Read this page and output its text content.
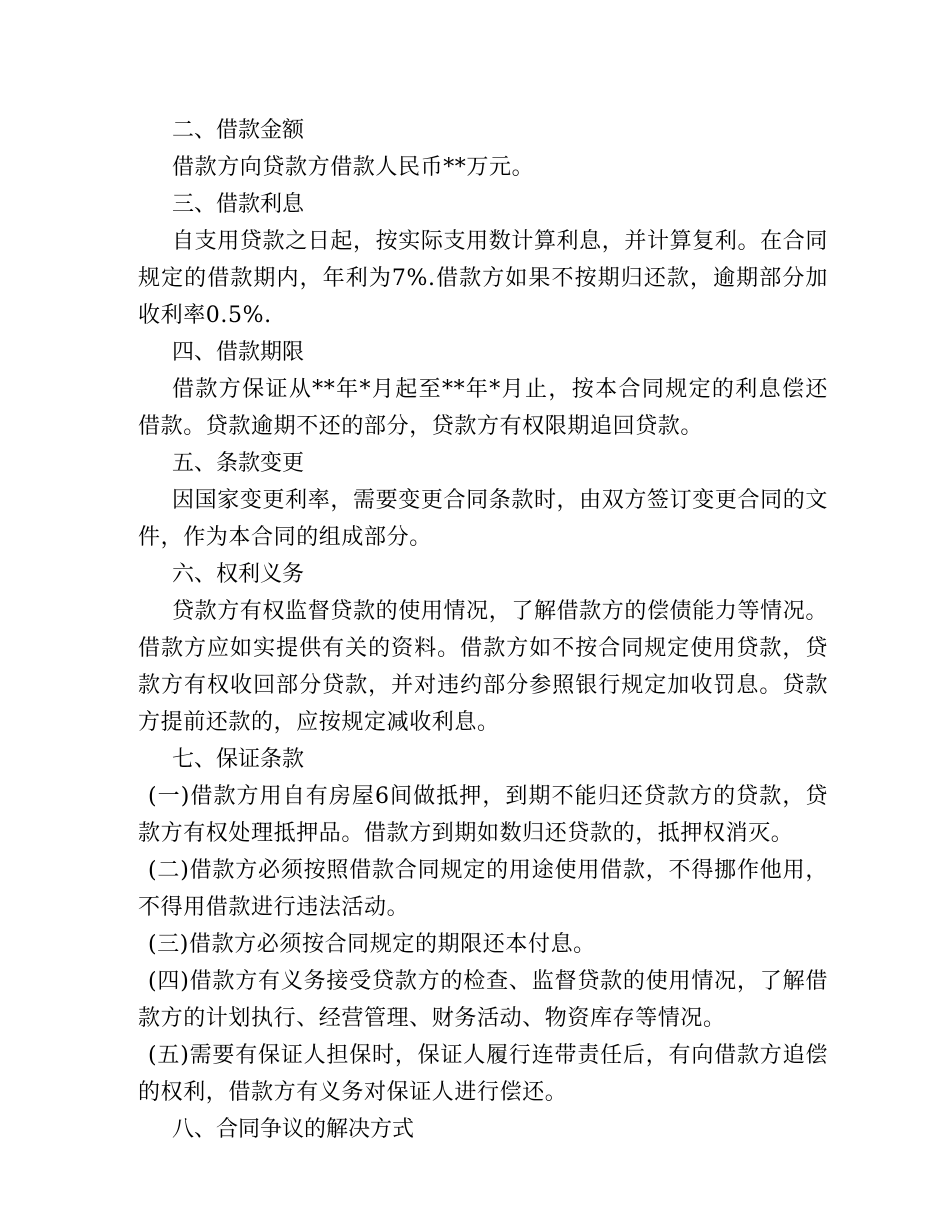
二、借款金额

借款方向贷款方借款人民币**万元。

三、借款利息

自支用贷款之日起，按实际支用数计算利息，并计算复利。在合同规定的借款期内，年利为7%.借款方如果不按期归还款，逾期部分加收利率0.5%.

四、借款期限

借款方保证从**年*月起至**年*月止，按本合同规定的利息偿还借款。贷款逾期不还的部分，贷款方有权限期追回贷款。

五、条款变更

因国家变更利率，需要变更合同条款时，由双方签订变更合同的文件，作为本合同的组成部分。

六、权利义务

贷款方有权监督贷款的使用情况，了解借款方的偿债能力等情况。借款方应如实提供有关的资料。借款方如不按合同规定使用贷款，贷款方有权收回部分贷款，并对违约部分参照银行规定加收罚息。贷款方提前还款的，应按规定减收利息。

七、保证条款

(一)借款方用自有房屋6间做抵押，到期不能归还贷款方的贷款，贷款方有权处理抵押品。借款方到期如数归还贷款的，抵押权消灭。

(二)借款方必须按照借款合同规定的用途使用借款，不得挪作他用，不得用借款进行违法活动。

(三)借款方必须按合同规定的期限还本付息。

(四)借款方有义务接受贷款方的检查、监督贷款的使用情况，了解借款方的计划执行、经营管理、财务活动、物资库存等情况。

(五)需要有保证人担保时，保证人履行连带责任后，有向借款方追偿的权利，借款方有义务对保证人进行偿还。

八、合同争议的解决方式
